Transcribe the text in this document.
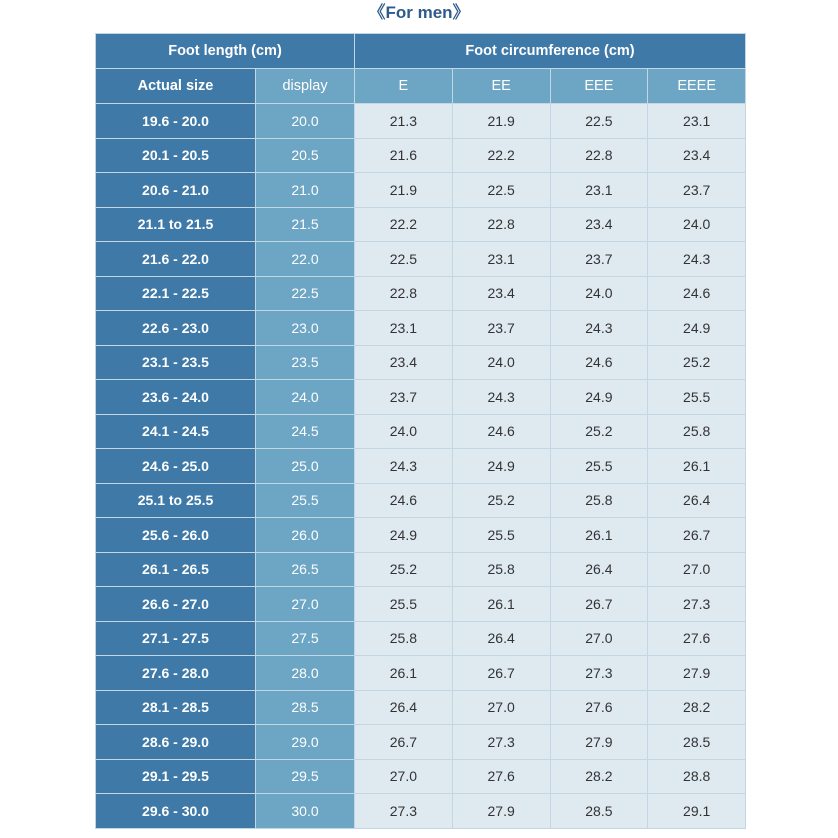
《For men》
Foot length (cm)		Foot circumference (cm)			
Actual size	display	E	EE	EEE	EEEE
19.6 - 20.0	20.0	21.3	21.9	22.5	23.1
20.1 - 20.5	20.5	21.6	22.2	22.8	23.4
20.6 - 21.0	21.0	21.9	22.5	23.1	23.7
21.1 to 21.5	21.5	22.2	22.8	23.4	24.0
21.6 - 22.0	22.0	22.5	23.1	23.7	24.3
22.1 - 22.5	22.5	22.8	23.4	24.0	24.6
22.6 - 23.0	23.0	23.1	23.7	24.3	24.9
23.1 - 23.5	23.5	23.4	24.0	24.6	25.2
23.6 - 24.0	24.0	23.7	24.3	24.9	25.5
24.1 - 24.5	24.5	24.0	24.6	25.2	25.8
24.6 - 25.0	25.0	24.3	24.9	25.5	26.1
25.1 to 25.5	25.5	24.6	25.2	25.8	26.4
25.6 - 26.0	26.0	24.9	25.5	26.1	26.7
26.1 - 26.5	26.5	25.2	25.8	26.4	27.0
26.6 - 27.0	27.0	25.5	26.1	26.7	27.3
27.1 - 27.5	27.5	25.8	26.4	27.0	27.6
27.6 - 28.0	28.0	26.1	26.7	27.3	27.9
28.1 - 28.5	28.5	26.4	27.0	27.6	28.2
28.6 - 29.0	29.0	26.7	27.3	27.9	28.5
29.1 - 29.5	29.5	27.0	27.6	28.2	28.8
29.6 - 30.0	30.0	27.3	27.9	28.5	29.1
